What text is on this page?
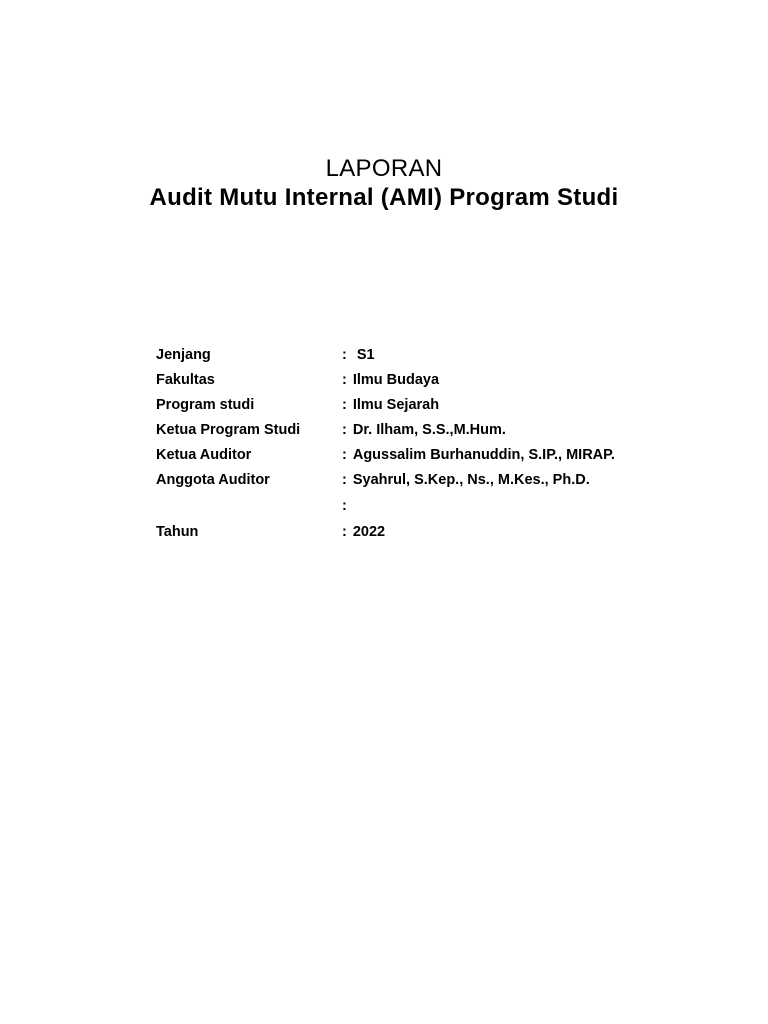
LAPORAN
Audit Mutu Internal (AMI) Program Studi
Jenjang	: S1
Fakultas	: Ilmu Budaya
Program studi	: Ilmu Sejarah
Ketua Program Studi	: Dr. Ilham, S.S.,M.Hum.
Ketua Auditor	: Agussalim Burhanuddin, S.IP., MIRAP.
Anggota Auditor	: Syahrul, S.Kep., Ns., M.Kes., Ph.D.
:
Tahun	: 2022
